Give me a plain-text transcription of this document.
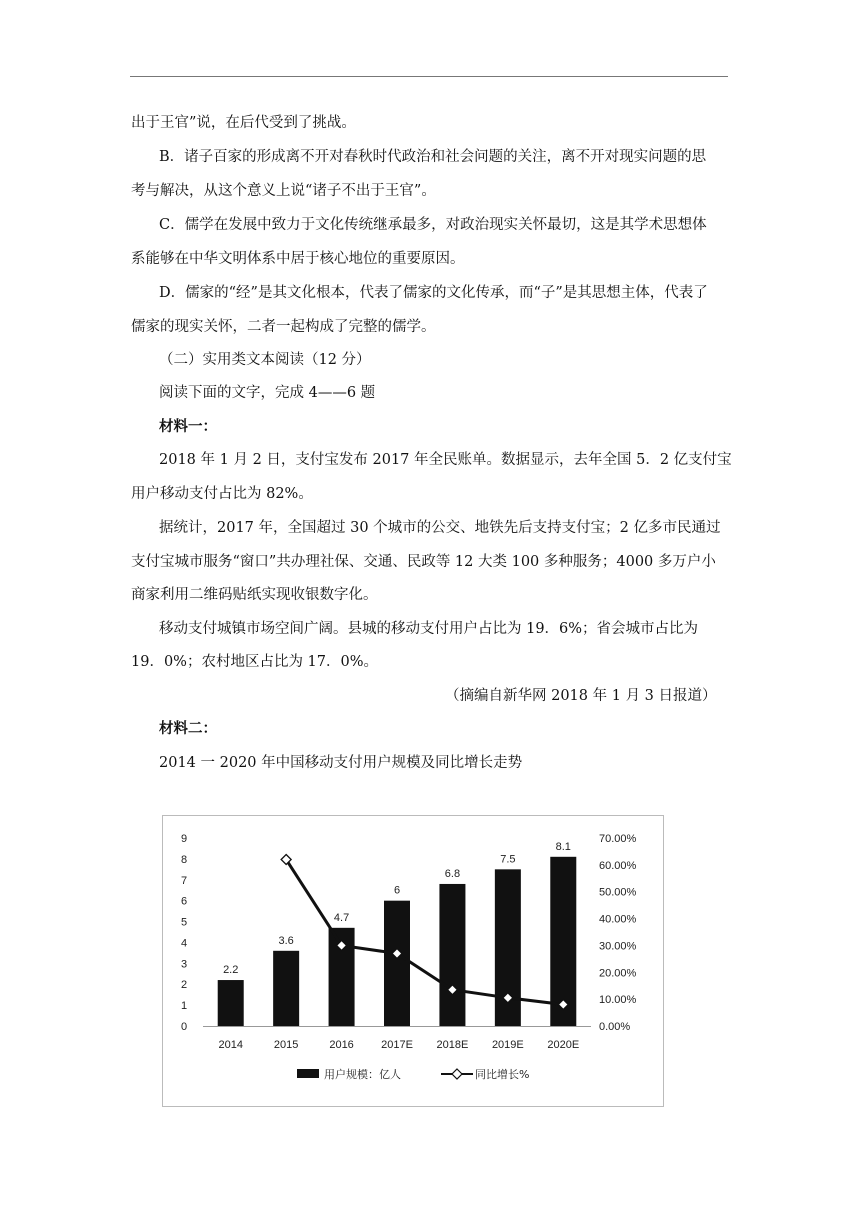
出于王官”说，在后代受到了挑战。
B．诸子百家的形成离不开对春秋时代政治和社会问题的关注，离不开对现实问题的思
考与解决，从这个意义上说“诸子不出于王官”。
C．儒学在发展中致力于文化传统继承最多，对政治现实关怀最切，这是其学术思想体
系能够在中华文明体系中居于核心地位的重要原因。
D．儒家的“经”是其文化根本，代表了儒家的文化传承，而“子”是其思想主体，代表了
儒家的现实关怀，二者一起构成了完整的儒学。
（二）实用类文本阅读（12 分）
阅读下面的文字，完成 4——6 题
材料一：
2018 年 1 月 2 日，支付宝发布 2017 年全民账单。数据显示，去年全国 5．2 亿支付宝
用户移动支付占比为 82%。
据统计，2017 年，全国超过 30 个城市的公交、地铁先后支持支付宝；2 亿多市民通过
支付宝城市服务“窗口”共办理社保、交通、民政等 12 大类 100 多种服务；4000 多万户小
商家利用二维码贴纸实现收银数字化。
移动支付城镇市场空间广阔。县城的移动支付用户占比为 19．6%；省会城市占比为
19．0%；农村地区占比为 17．0%。
（摘编自新华网 2018 年 1 月 3 日报道）
材料二：
2014 一 2020 年中国移动支付用户规模及同比增长走势
0
1
2
3
4
5
6
7
8
9
0.00%
10.00%
20.00%
30.00%
40.00%
50.00%
60.00%
70.00%
2.2
3.6
4.7
6
6.8
7.5
8.1
2014	2015	2016 2017E 2018E 2019E 2020E
用户规模：亿人	同比增长%
